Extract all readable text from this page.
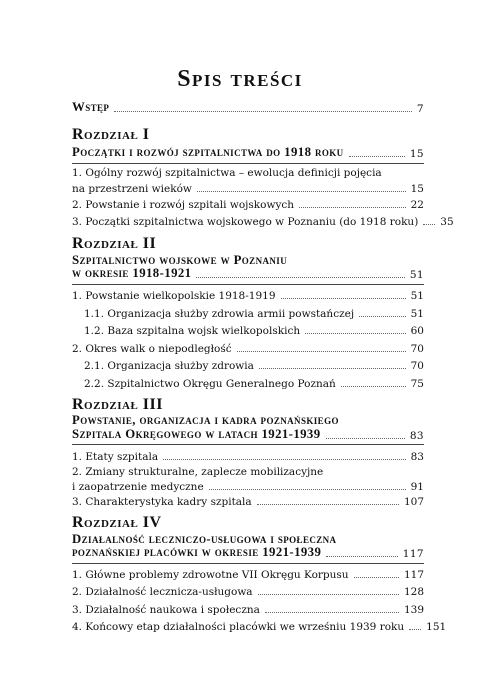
Spis treści
Wstęp	7
Rozdział I
Początki i rozwój szpitalnictwa do 1918 roku	15
1. Ogólny rozwój szpitalnictwa – ewolucja definicji pojęcia
na przestrzeni wieków	15
2. Powstanie i rozwój szpitali wojskowych	22
3. Początki szpitalnictwa wojskowego w Poznaniu (do 1918 roku) 35
Rozdział II
Szpitalnictwo wojskowe w Poznaniu
w okresie 1918-1921	51
1. Powstanie wielkopolskie 1918-1919	51
1.1. Organizacja służby zdrowia armii powstańczej	51
1.2. Baza szpitalna wojsk wielkopolskich	60
2. Okres walk o niepodległość	70
2.1. Organizacja służby zdrowia	70
2.2. Szpitalnictwo Okręgu Generalnego Poznań	75
Rozdział III
Powstanie, organizacja i kadra poznańskiego
Szpitala Okręgowego w latach 1921-1939	83
1. Etaty szpitala	83
2. Zmiany strukturalne, zaplecze mobilizacyjne
i zaopatrzenie medyczne	91
3. Charakterystyka kadry szpitala	107
Rozdział IV
Działalność leczniczo-usługowa i społeczna
poznańskiej placówki w okresie 1921-1939	117
1. Główne problemy zdrowotne VII Okręgu Korpusu	117
2. Działalność lecznicza-usługowa	128
3. Działalność naukowa i społeczna	139
4. Końcowy etap działalności placówki we wrześniu 1939 roku 151
